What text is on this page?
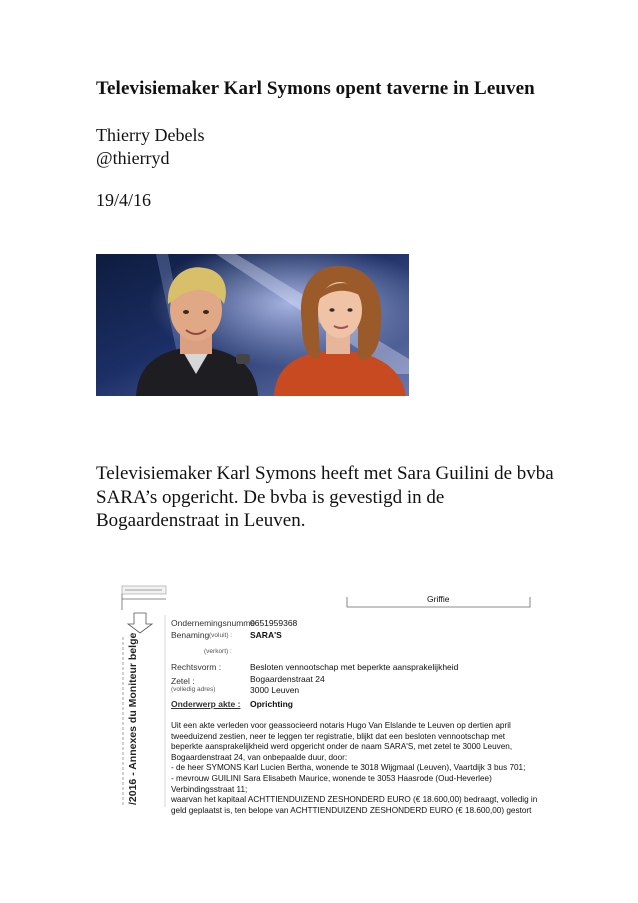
Televisiemaker Karl Symons opent taverne in Leuven
Thierry Debels
@thierryd
19/4/16
Televisiemaker Karl Symons heeft met Sara Guilini de bvba SARA’s opgericht. De bvba is gevestigd in de Bogaardenstraat in Leuven.
Griffie
/2016 - Annexes du Moniteur belge
Ondernemingsnumme
0651959368
Benaming (voluit) : SARA'S
(verkort) :
Rechtsvorm :	Besloten vennootschap met beperkte aansprakelijkheid
Zetel :
(volledig adres)
Bogaardenstraat 24
3000 Leuven
Onderwerp akte : Oprichting
Uit een akte verleden voor geassocieerd notaris Hugo Van Elslande te Leuven op dertien april
tweeduizend zestien, neer te leggen ter registratie, blijkt dat een besloten vennootschap met
beperkte aansprakelijkheid werd opgericht onder de naam SARA'S, met zetel te 3000 Leuven,
Bogaardenstraat 24, van onbepaalde duur, door:
- de heer SYMONS Karl Lucien Bertha, wonende te 3018 Wijgmaal (Leuven), Vaartdijk 3 bus 701;
- mevrouw GUILINI Sara Elisabeth Maurice, wonende te 3053 Haasrode (Oud-Heverlee)
Verbindingsstraat 11;
waarvan het kapitaal ACHTTIENDUIZEND ZESHONDERD EURO (€ 18.600,00) bedraagt, volledig in
geld geplaatst is, ten belope van ACHTTIENDUIZEND ZESHONDERD EURO (€ 18.600,00) gestort
